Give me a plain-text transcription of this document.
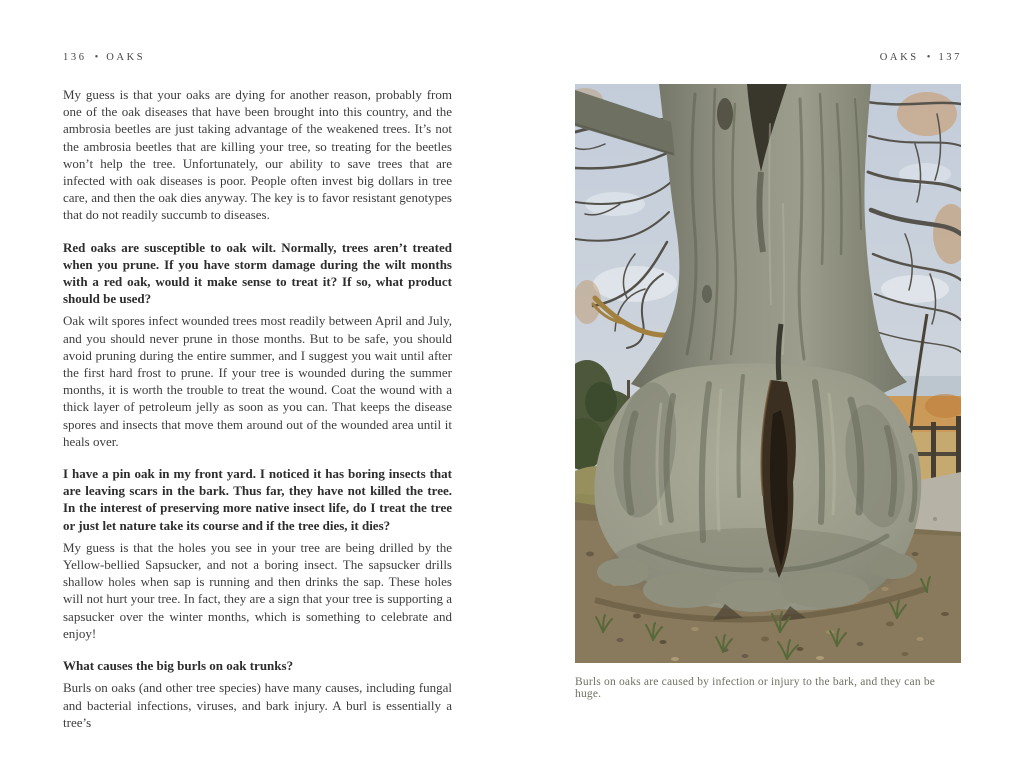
136 • OAKS

My guess is that your oaks are dying for another reason, probably from one of the oak diseases that have been brought into this country, and the ambrosia beetles are just taking advantage of the weakened trees. It’s not the ambrosia beetles that are killing your tree, so treating for the beetles won’t help the tree. Unfortunately, our ability to save trees that are infected with oak diseases is poor. People often invest big dollars in tree care, and then the oak dies anyway. The key is to favor resistant genotypes that do not readily succumb to diseases.

Red oaks are susceptible to oak wilt. Normally, trees aren’t treated when you prune. If you have storm damage during the wilt months with a red oak, would it make sense to treat it? If so, what product should be used?

Oak wilt spores infect wounded trees most readily between April and July, and you should never prune in those months. But to be safe, you should avoid pruning during the entire summer, and I suggest you wait until after the first hard frost to prune. If your tree is wounded during the summer months, it is worth the trouble to treat the wound. Coat the wound with a thick layer of petroleum jelly as soon as you can. That keeps the disease spores and insects that move them around out of the wounded area until it heals over.

I have a pin oak in my front yard. I noticed it has boring insects that are leaving scars in the bark. Thus far, they have not killed the tree. In the interest of preserving more native insect life, do I treat the tree or just let nature take its course and if the tree dies, it dies?

My guess is that the holes you see in your tree are being drilled by the Yellow-bellied Sapsucker, and not a boring insect. The sapsucker drills shallow holes when sap is running and then drinks the sap. These holes will not hurt your tree. In fact, they are a sign that your tree is supporting a sapsucker over the winter months, which is something to celebrate and enjoy!

What causes the big burls on oak trunks?

Burls on oaks (and other tree species) have many causes, including fungal and bacterial infections, viruses, and bark injury. A burl is essentially a tree’s

OAKS • 137
Burls on oaks are caused by infection or injury to the bark, and they can be huge.
